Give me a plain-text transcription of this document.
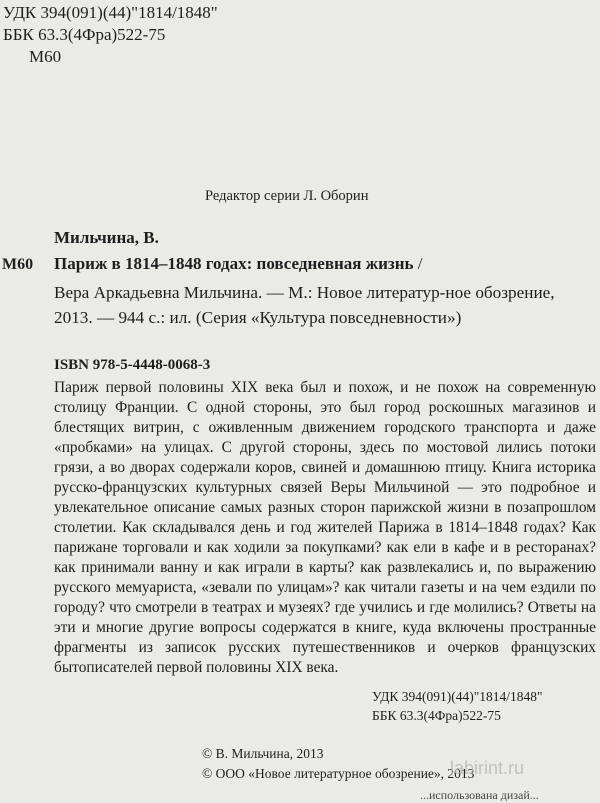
УДК 394(091)(44)"1814/1848"
ББК 63.3(4Фра)522-75
М60
Редактор серии Л. Оборин
Мильчина, В.
М60 Париж в 1814–1848 годах: повседневная жизнь /
Вера Аркадьевна Мильчина. — М.: Новое литератур-ное обозрение, 2013. — 944 с.: ил. (Серия «Культура повседневности»)
ISBN 978-5-4448-0068-3

Париж первой половины XIX века был и похож, и не похож на современную столицу Франции. С одной стороны, это был город роскошных магазинов и блестящих витрин, с оживленным движением городского транспорта и даже «пробками» на улицах. С другой стороны, здесь по мостовой лились потоки грязи, а во дворах содержали коров, свиней и домашнюю птицу. Книга историка русско-французских культурных связей Веры Мильчиной — это подробное и увлекательное описание самых разных сторон парижской жизни в позапрошлом столетии. Как складывался день и год жителей Парижа в 1814–1848 годах? Как парижане торговали и как ходили за покупками? как ели в кафе и в ресторанах? как принимали ванну и как играли в карты? как развлекались и, по выражению русского мемуариста, «зевали по улицам»? как читали газеты и на чем ездили по городу? что смотрели в театрах и музеях? где учились и где молились? Ответы на эти и многие другие вопросы содержатся в книге, куда включены пространные фрагменты из записок русских путешественников и очерков французских бытописателей первой половины XIX века.

УДК 394(091)(44)"1814/1848"
ББК 63.3(4Фра)522-75
© В. Мильчина, 2013
© ООО «Новое литературное обозрение», 2013
labirint.ru
...использована дизай...
